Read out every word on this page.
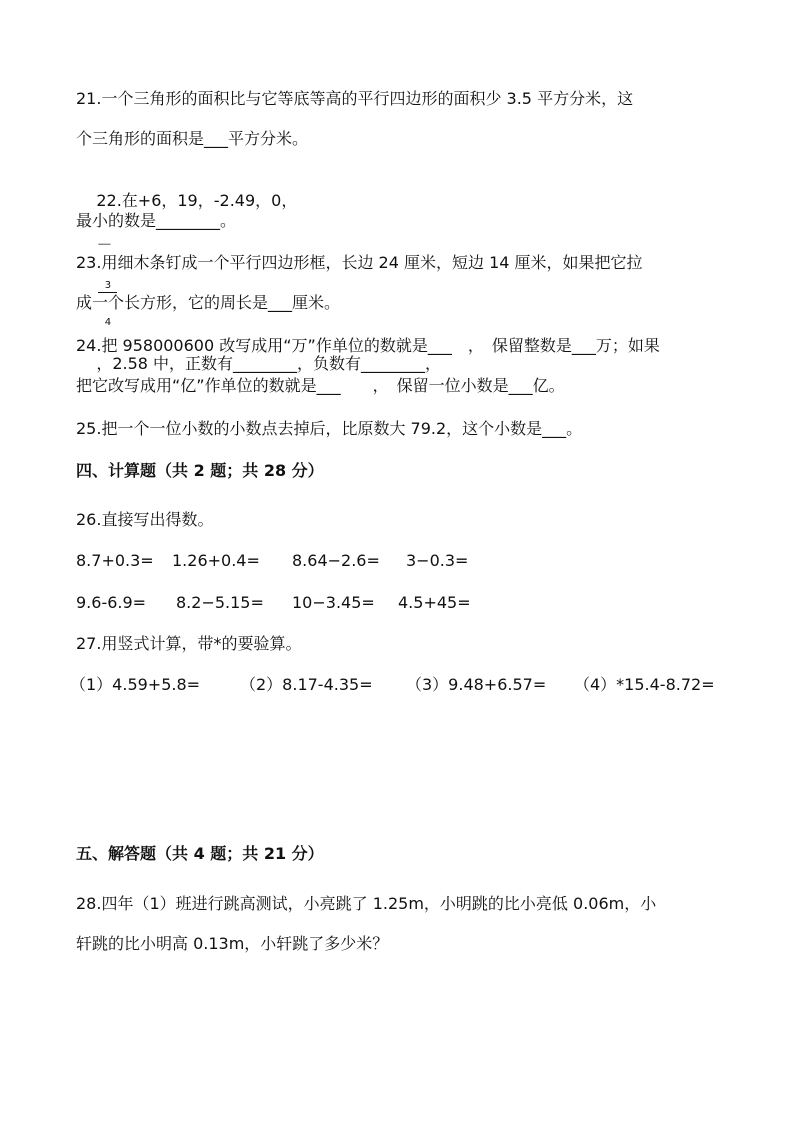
21.一个三角形的面积比与它等底等高的平行四边形的面积少 3.5 平方分米，这
个三角形的面积是___平方分米。

22.在+6，19，-2.49，0，

－

$\frac{3}{4}$

，2.58 中，正数有________，负数有________，

最小的数是________。
23.用细木条钉成一个平行四边形框，长边 24 厘米，短边 14 厘米，如果把它拉
成一个长方形，它的周长是___厘米。
24.把 958000600 改写成用“万”作单位的数就是___　，　保留整数是___万；如果
把它改写成用“亿”作单位的数就是___　　，　保留一位小数是___亿。
25.把一个一位小数的小数点去掉后，比原数大 79.2，这个小数是___。
四、计算题（共 2 题；共 28 分）
26.直接写出得数。
8.7+0.3= 1.26+0.4= 8.64−2.6= 3−0.3=
9.6-6.9= 8.2−5.15= 10−3.45= 4.5+45=
27.用竖式计算，带*的要验算。
（1）4.59+5.8= （2）8.17-4.35= （3）9.48+6.57= （4）*15.4-8.72=
五、解答题（共 4 题；共 21 分）
28.四年（1）班进行跳高测试，小亮跳了 1.25m，小明跳的比小亮低 0.06m，小
轩跳的比小明高 0.13m，小轩跳了多少米？
